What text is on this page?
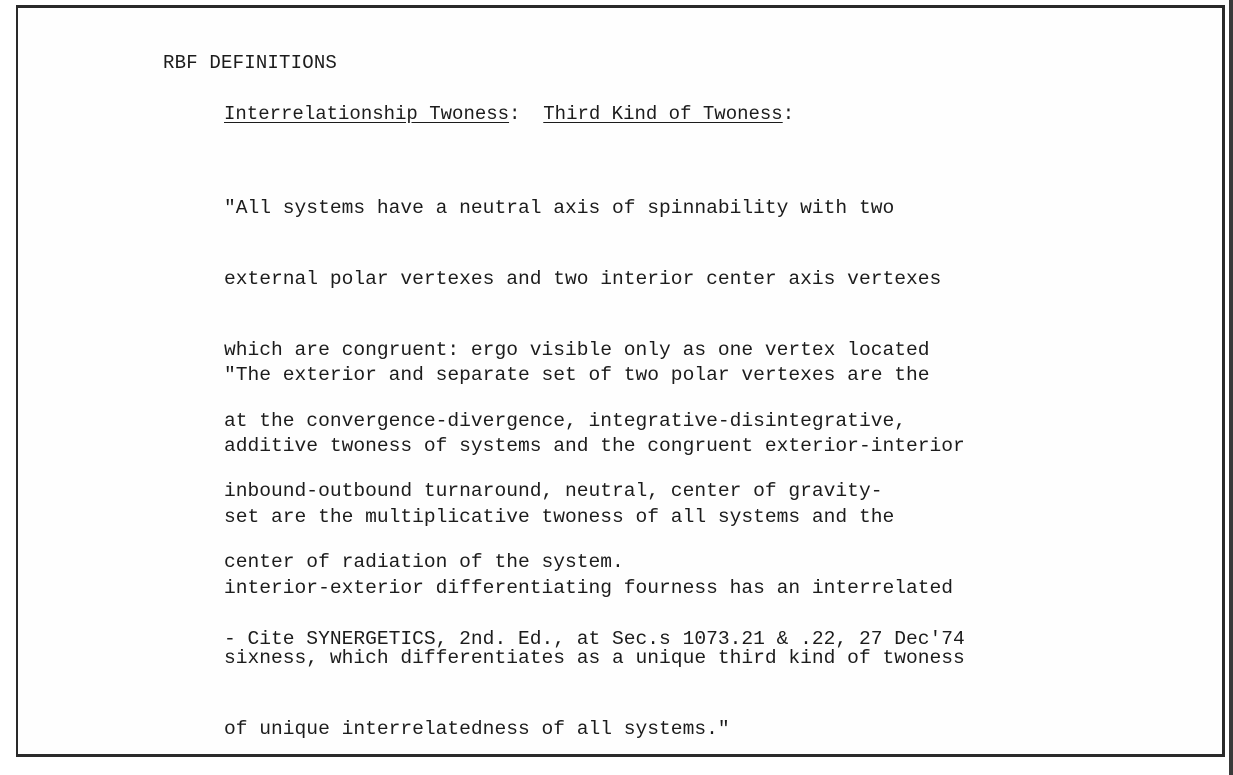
RBF DEFINITIONS
Interrelationship Twoness:  Third Kind of Twoness:

"All systems have a neutral axis of spinnability with two

external polar vertexes and two interior center axis vertexes

which are congruent: ergo visible only as one vertex located

at the convergence-divergence, integrative-disintegrative,

inbound-outbound turnaround, neutral, center of gravity-

center of radiation of the system.

"The exterior and separate set of two polar vertexes are the

additive twoness of systems and the congruent exterior-interior

set are the multiplicative twoness of all systems and the

interior-exterior differentiating fourness has an interrelated

sixness, which differentiates as a unique third kind of twoness

of unique interrelatedness of all systems."

- Cite SYNERGETICS, 2nd. Ed., at Sec.s 1073.21 & .22, 27 Dec'74
